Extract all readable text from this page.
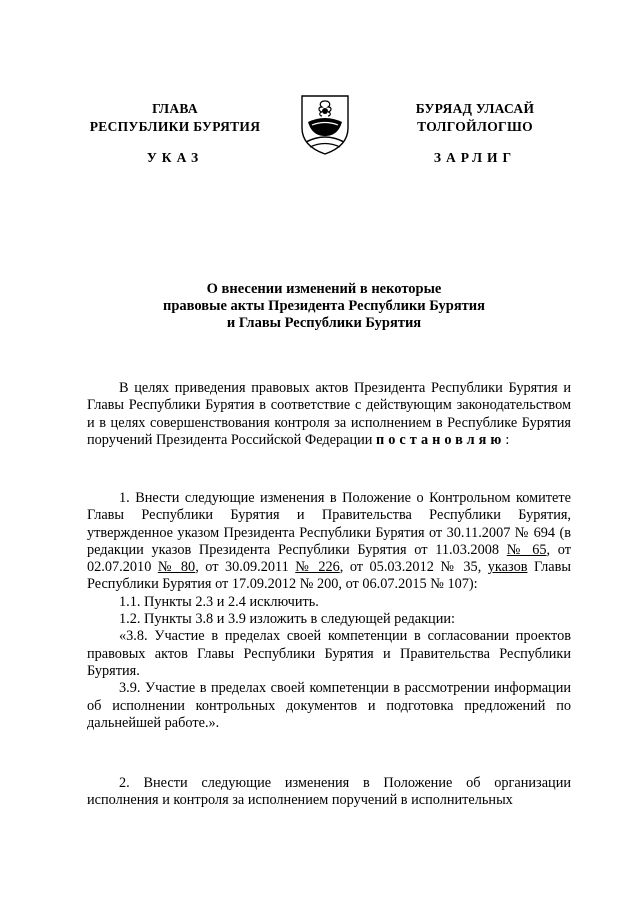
ГЛАВА
РЕСПУБЛИКИ БУРЯТИЯ
УКАЗ
БУРЯАД УЛАСАЙ
ТОЛГОЙЛОГШО
ЗАРЛИГ
О внесении изменений в некоторые
правовые акты Президента Республики Бурятия
и Главы Республики Бурятия

В целях приведения правовых актов Президента Республики Бурятия и Главы Республики Бурятия в соответствие с действующим законодательством и в целях совершенствования контроля за исполнением в Республике Бурятия поручений Президента Российской Федерации постановляю:

1. Внести следующие изменения в Положение о Контрольном комитете Главы Республики Бурятия и Правительства Республики Бурятия, утвержденное указом Президента Республики Бурятия от 30.11.2007 № 694 (в редакции указов Президента Республики Бурятия от 11.03.2008 № 65, от 02.07.2010 № 80, от 30.09.2011 № 226, от 05.03.2012 № 35, указов Главы Республики Бурятия от 17.09.2012 № 200, от 06.07.2015 № 107):

1.1. Пункты 2.3 и 2.4 исключить.

1.2. Пункты 3.8 и 3.9 изложить в следующей редакции:

«3.8. Участие в пределах своей компетенции в согласовании проектов правовых актов Главы Республики Бурятия и Правительства Республики Бурятия.

3.9. Участие в пределах своей компетенции в рассмотрении информации об исполнении контрольных документов и подготовка предложений по дальнейшей работе.».

2. Внести следующие изменения в Положение об организации исполнения и контроля за исполнением поручений в исполнительных
